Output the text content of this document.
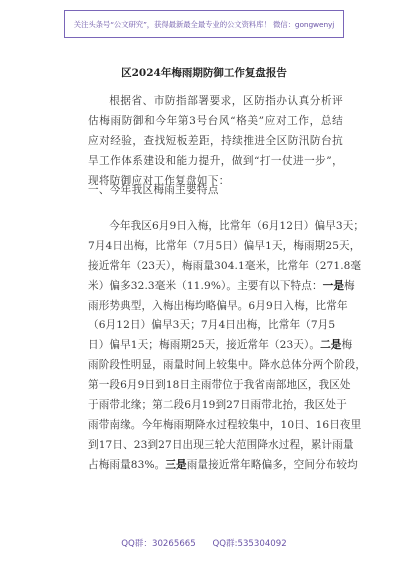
关注头条号“公文研究”，获得最新最全最专业的公文资料库！ 微信：gongwenyj
区2024年梅雨期防御工作复盘报告
根据省、市防指部署要求，区防指办认真分析评估梅雨防御和今年第3号台风“格美”应对工作，总结应对经验，查找短板差距，持续推进全区防汛防台抗旱工作体系建设和能力提升，做到“打一仗进一步”，现将防御应对工作复盘如下：
一、今年我区梅雨主要特点
今年我区6月9日入梅，比常年（6月12日）偏早3天；
7月4日出梅，比常年（7月5日）偏早1天，梅雨期25天，
接近常年（23天），梅雨量304.1毫米，比常年（271.8毫
米）偏多32.3毫米（11.9%）。主要有以下特点：一是梅
雨形势典型，入梅出梅均略偏早。6月9日入梅，比常年
（6月12日）偏早3天；7月4日出梅，比常年（7月5
日）偏早1天；梅雨期25天，接近常年（23天）。二是梅
雨阶段性明显，雨量时间上较集中。降水总体分两个阶段，
第一段6月9日到18日主雨带位于我省南部地区，我区处
于雨带北缘；第二段6月19到27日雨带北抬，我区处于
雨带南缘。今年梅雨期降水过程较集中，10日、16日夜里
到17日、23到27日出现三轮大范围降水过程，累计雨量
占梅雨量83%。三是雨量接近常年略偏多，空间分布较均
QQ群：30265665 QQ群:535304092
